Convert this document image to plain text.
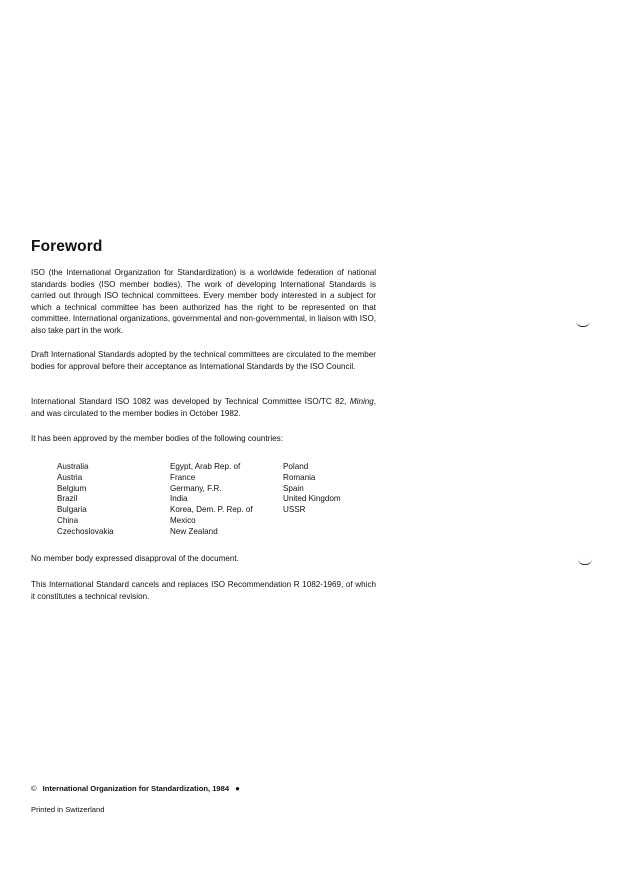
Foreword

ISO (the International Organization for Standardization) is a worldwide federation of national standards bodies (ISO member bodies). The work of developing International Standards is carried out through ISO technical committees. Every member body interested in a subject for which a technical committee has been authorized has the right to be represented on that committee. International organizations, governmental and non-governmental, in liaison with ISO, also take part in the work.

Draft International Standards adopted by the technical committees are circulated to the member bodies for approval before their acceptance as International Standards by the ISO Council.

International Standard ISO 1082 was developed by Technical Committee ISO/TC 82, Mining, and was circulated to the member bodies in October 1982.

It has been approved by the member bodies of the following countries:

Australia
Austria
Belgium
Brazil
Bulgaria
China
Czechoslovakia
Egypt, Arab Rep. of
France
Germany, F.R.
India
Korea, Dem. P. Rep. of
Mexico
New Zealand
Poland
Romania
Spain
United Kingdom
USSR

No member body expressed disapproval of the document.

This International Standard cancels and replaces ISO Recommendation R 1082-1969, of which it constitutes a technical revision.

© International Organization for Standardization, 1984 ●
Printed in Switzerland
